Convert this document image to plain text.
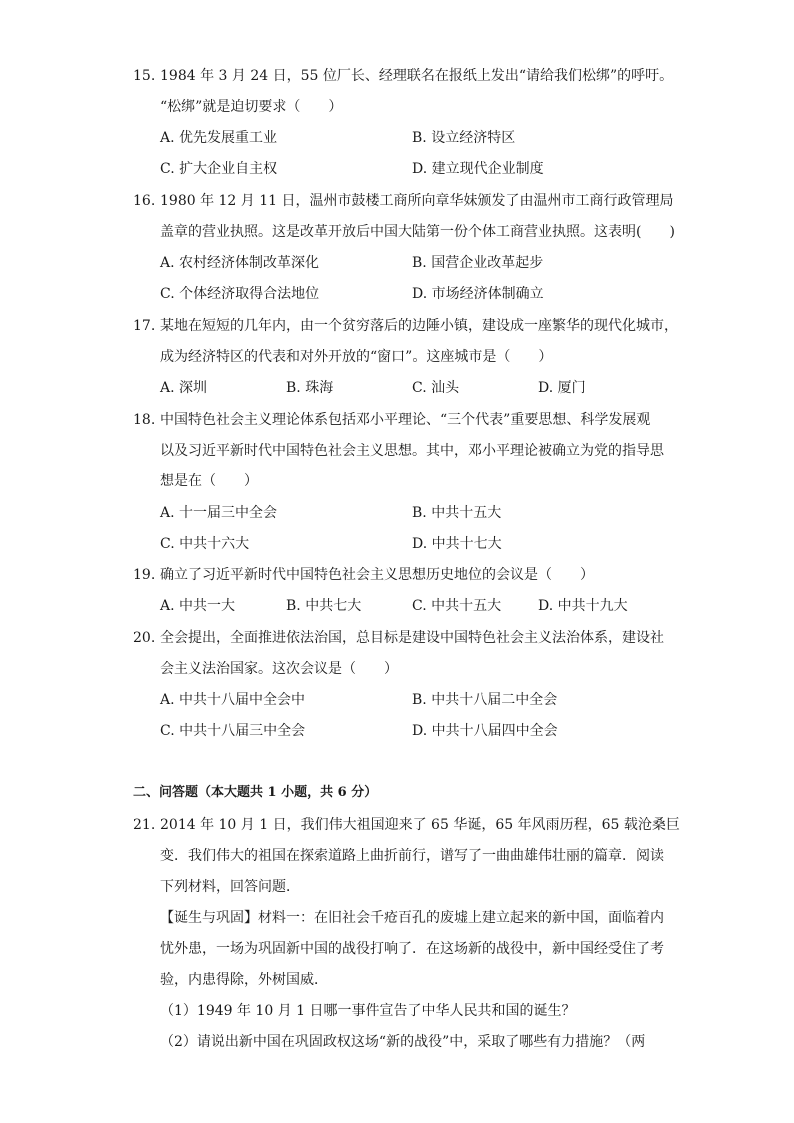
15. 1984 年 3 月 24 日，55 位厂长、经理联名在报纸上发出“请给我们松绑”的呼吁。
“松绑”就是迫切要求（　　）
A. 优先发展重工业	B. 设立经济特区
C. 扩大企业自主权	D. 建立现代企业制度
16. 1980 年 12 月 11 日，温州市鼓楼工商所向章华妹颁发了由温州市工商行政管理局
盖章的营业执照。这是改革开放后中国大陆第一份个体工商营业执照。这表明(　　)
A. 农村经济体制改革深化	B. 国营企业改革起步
C. 个体经济取得合法地位	D. 市场经济体制确立
17. 某地在短短的几年内，由一个贫穷落后的边陲小镇，建设成一座繁华的现代化城市，
成为经济特区的代表和对外开放的“窗口”。这座城市是（　　）
A. 深圳	B. 珠海	C. 汕头	D. 厦门
18. 中国特色社会主义理论体系包括邓小平理论、“三个代表”重要思想、科学发展观
以及习近平新时代中国特色社会主义思想。其中，邓小平理论被确立为党的指导思
想是在（　　）
A. 十一届三中全会	B. 中共十五大
C. 中共十六大	D. 中共十七大
19. 确立了习近平新时代中国特色社会主义思想历史地位的会议是（　　）
A. 中共一大	B. 中共七大	C. 中共十五大	D. 中共十九大
20. 全会提出，全面推进依法治国，总目标是建设中国特色社会主义法治体系，建设社
会主义法治国家。这次会议是（　　）
A. 中共十八届中全会中	B. 中共十八届二中全会
C. 中共十八届三中全会	D. 中共十八届四中全会
二、问答题（本大题共 1 小题，共 6 分）
21. 2014 年 10 月 1 日，我们伟大祖国迎来了 65 华诞，65 年风雨历程，65 载沧桑巨
变．我们伟大的祖国在探索道路上曲折前行，谱写了一曲曲雄伟壮丽的篇章．阅读
下列材料，回答问题．
【诞生与巩固】材料一：在旧社会千疮百孔的废墟上建立起来的新中国，面临着内
忧外患，一场为巩固新中国的战役打响了．在这场新的战役中，新中国经受住了考
验，内患得除，外树国威．
（1）1949 年 10 月 1 日哪一事件宣告了中华人民共和国的诞生？
（2）请说出新中国在巩固政权这场“新的战役”中，采取了哪些有力措施？（两
